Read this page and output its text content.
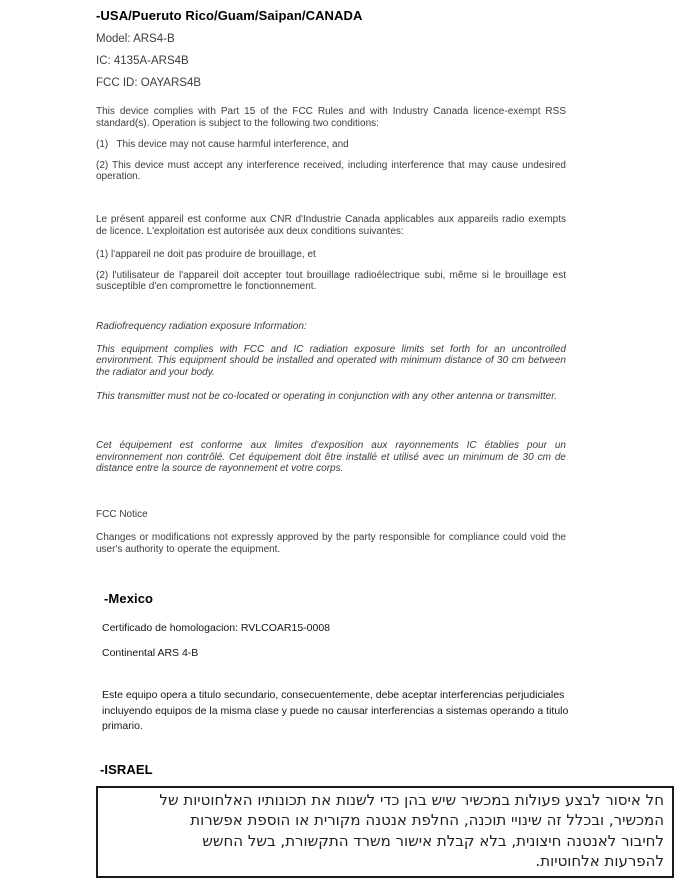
-USA/Pueruto Rico/Guam/Saipan/CANADA
Model: ARS4-B
IC: 4135A-ARS4B
FCC ID: OAYARS4B

This device complies with Part 15 of the FCC Rules and with Industry Canada licence-exempt RSS standard(s). Operation is subject to the following two conditions:

(1)   This device may not cause harmful interference, and

(2) This device must accept any interference received, including interference that may cause undesired operation.

Le présent appareil est conforme aux CNR d'Industrie Canada applicables aux appareils radio exempts de licence. L'exploitation est autorisée aux deux conditions suivantes:

(1) l'appareil ne doit pas produire de brouillage, et

(2) l'utilisateur de l'appareil doit accepter tout brouillage radioélectrique subi, même si le brouillage est susceptible d'en compromettre le fonctionnement.

Radiofrequency radiation exposure Information:

This equipment complies with FCC and IC radiation exposure limits set forth for an uncontrolled environment. This equipment should be installed and operated with minimum distance of 30 cm between the radiator and your body.

This transmitter must not be co-located or operating in conjunction with any other antenna or transmitter.

Cet équipement est conforme aux limites d'exposition aux rayonnements IC établies pour un environnement non contrôlé. Cet équipement doit être installé et utilisé avec un minimum de 30 cm de distance entre la source de rayonnement et votre corps.

FCC Notice

Changes or modifications not expressly approved by the party responsible for compliance could void the user's authority to operate the equipment.

-Mexico

Certificado de homologacion: RVLCOAR15-0008

Continental ARS 4-B

Este equipo opera a titulo secundario, consecuentemente, debe aceptar interferencias perjudiciales incluyendo equipos de la misma clase y puede no causar interferencias a sistemas operando a titulo primario.

-ISRAEL
חל איסור לבצע פעולות במכשיר שיש בהן כדי לשנות את תכונותיו האלחוטיות של
המכשיר, ובכלל זה שינויי תוכנה, החלפת אנטנה מקורית או הוספת אפשרות
לחיבור לאנטנה חיצונית, בלא קבלת אישור משרד התקשורת, בשל החשש
להפרעות אלחוטיות.
